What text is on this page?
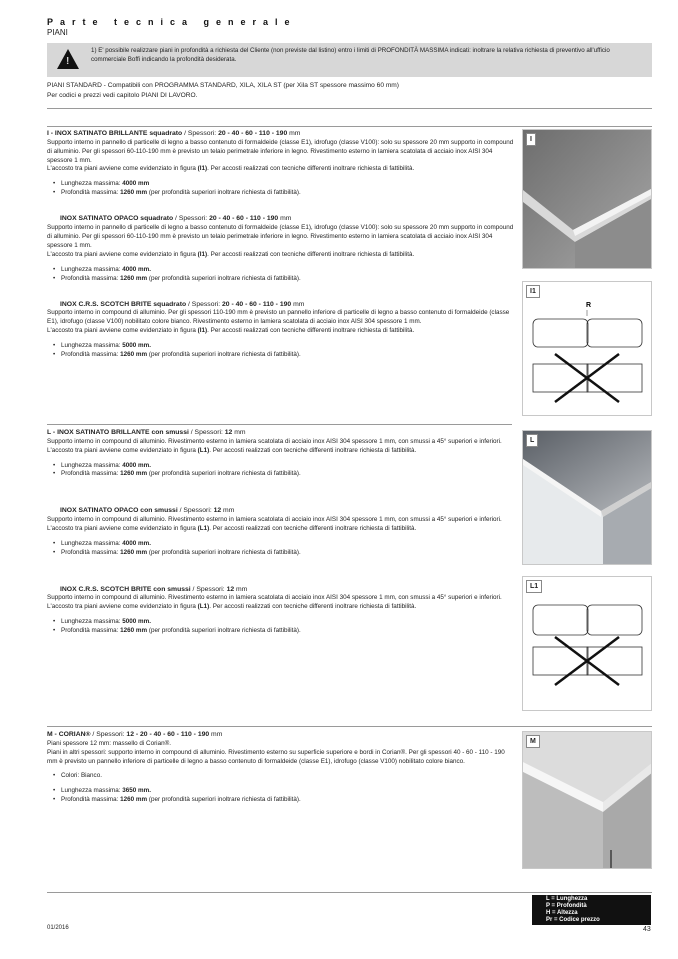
Parte tecnica generale
PIANI
!
1) E' possibile realizzare piani in profondità a richiesta del Cliente (non previste dal listino) entro i limiti di PROFONDITÀ MASSIMA indicati: inoltrare la relativa richiesta di preventivo all'ufficio commerciale Boffi indicando la profondità desiderata.
PIANI STANDARD - Compatibili con PROGRAMMA STANDARD, XILA, XILA ST (per Xila ST spessore massimo 60 mm)
Per codici e prezzi vedi capitolo PIANI DI LAVORO.

I - INOX SATINATO BRILLANTE squadrato / Spessori: 20 - 40 - 60 - 110 - 190 mm

Supporto interno in pannello di particelle di legno a basso contenuto di formaldeide (classe E1), idrofugo (classe V100): solo su spessore 20 mm supporto in compound di alluminio. Per gli spessori 60-110-190 mm è previsto un telaio perimetrale inferiore in legno. Rivestimento esterno in lamiera scatolata di acciaio inox AISI 304 spessore 1 mm.

L'accosto tra piani avviene come evidenziato in figura (I1). Per accosti realizzati con tecniche differenti inoltrare richiesta di fattibilità.

• Lunghezza massima: 4000 mm

• Profondità massima: 1260 mm (per profondità superiori inoltrare richiesta di fattibilità).

INOX SATINATO OPACO squadrato / Spessori: 20 - 40 - 60 - 110 - 190 mm

Supporto interno in pannello di particelle di legno a basso contenuto di formaldeide (classe E1), idrofugo (classe V100): solo su spessore 20 mm supporto in compound di alluminio. Per gli spessori 60-110-190 mm è previsto un telaio perimetrale inferiore in legno. Rivestimento esterno in lamiera scatolata di acciaio inox AISI 304 spessore 1 mm.

L'accosto tra piani avviene come evidenziato in figura (I1). Per accosti realizzati con tecniche differenti inoltrare richiesta di fattibilità.

• Lunghezza massima: 4000 mm.

• Profondità massima: 1260 mm (per profondità superiori inoltrare richiesta di fattibilità).

INOX C.R.S. SCOTCH BRITE squadrato / Spessori: 20 - 40 - 60 - 110 - 190 mm

Supporto interno in compound di alluminio. Per gli spessori 110-190 mm è previsto un pannello inferiore di particelle di legno a basso contenuto di formaldeide (classe E1), idrofugo (classe V100) nobilitato colore bianco. Rivestimento esterno in lamiera scatolata di acciaio inox AISI 304 spessore 1 mm.

L'accosto tra piani avviene come evidenziato in figura (I1). Per accosti realizzati con tecniche differenti inoltrare richiesta di fattibilità.

• Lunghezza massima: 5000 mm.

• Profondità massima: 1260 mm (per profondità superiori inoltrare richiesta di fattibilità).

L - INOX SATINATO BRILLANTE con smussi / Spessori: 12 mm

Supporto interno in compound di alluminio. Rivestimento esterno in lamiera scatolata di acciaio inox AISI 304 spessore 1 mm, con smussi a 45° superiori e inferiori.

L'accosto tra piani avviene come evidenziato in figura (L1). Per accosti realizzati con tecniche differenti inoltrare richiesta di fattibilità.

• Lunghezza massima: 4000 mm.

• Profondità massima: 1260 mm (per profondità superiori inoltrare richiesta di fattibilità).

INOX SATINATO OPACO con smussi / Spessori: 12 mm

Supporto interno in compound di alluminio. Rivestimento esterno in lamiera scatolata di acciaio inox AISI 304 spessore 1 mm, con smussi a 45° superiori e inferiori.

L'accosto tra piani avviene come evidenziato in figura (L1). Per accosti realizzati con tecniche differenti inoltrare richiesta di fattibilità.

• Lunghezza massima: 4000 mm.

• Profondità massima: 1260 mm (per profondità superiori inoltrare richiesta di fattibilità).

INOX C.R.S. SCOTCH BRITE con smussi / Spessori: 12 mm

Supporto interno in compound di alluminio. Rivestimento esterno in lamiera scatolata di acciaio inox AISI 304 spessore 1 mm, con smussi a 45° superiori e inferiori.

L'accosto tra piani avviene come evidenziato in figura (L1). Per accosti realizzati con tecniche differenti inoltrare richiesta di fattibilità.

• Lunghezza massima: 5000 mm.

• Profondità massima: 1260 mm (per profondità superiori inoltrare richiesta di fattibilità).

M - CORIAN® / Spessori: 12 - 20 - 40 - 60 - 110 - 190 mm

Piani spessore 12 mm: massello di Corian®.

Piani in altri spessori: supporto interno in compound di alluminio. Rivestimento esterno su superficie superiore e bordi in Corian®. Per gli spessori 40 - 60 - 110 - 190 mm è previsto un pannello inferiore di particelle di legno a basso contenuto di formaldeide (classe E1), idrofugo (classe V100) nobilitato colore bianco.

• Colori: Bianco.

• Lunghezza massima: 3650 mm.

• Profondità massima: 1260 mm (per profondità superiori inoltrare richiesta di fattibilità).

I
R
I1
L
L1
M
L = Lunghezza
P = Profondità
H = Altezza
Pr = Codice prezzo
01/2016	43
